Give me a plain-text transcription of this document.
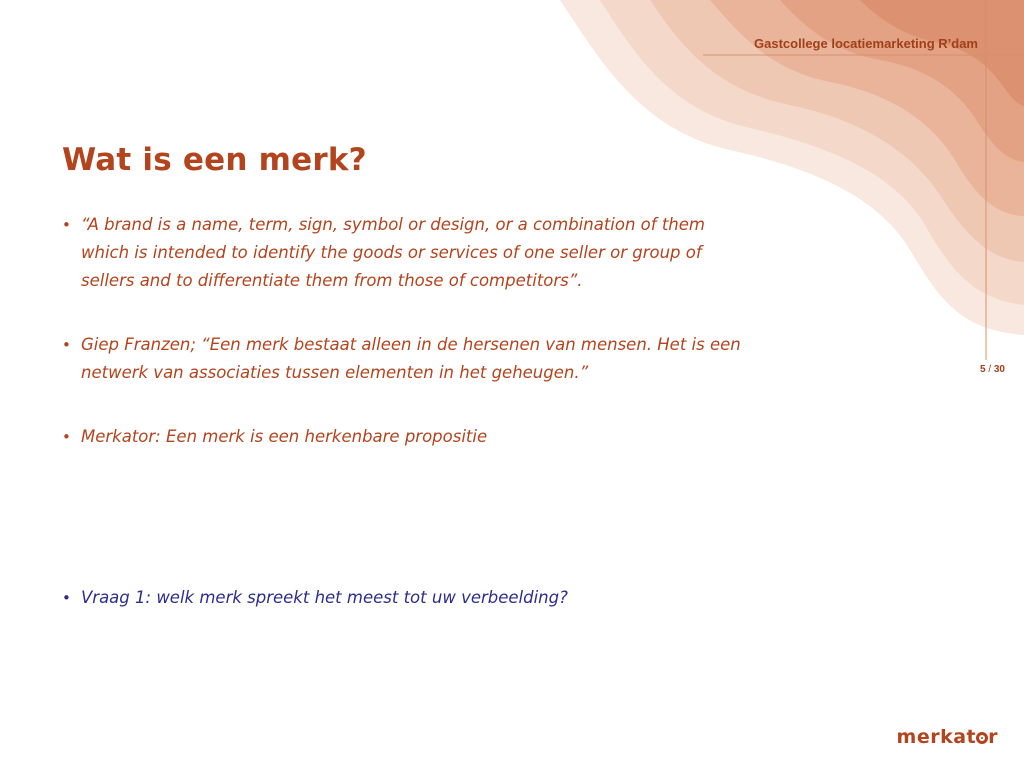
Gastcollege locatiemarketing R’dam
5 / 30
Wat is een merk?
• “A brand is a name, term, sign, symbol or design, or a combination of them
which is intended to identify the goods or services of one seller or group of
sellers and to differentiate them from those of competitors”.
• Giep Franzen; “Een merk bestaat alleen in de hersenen van mensen. Het is een
netwerk van associaties tussen elementen in het geheugen.”
• Merkator: Een merk is een herkenbare propositie
• Vraag 1: welk merk spreekt het meest tot uw verbeelding?
merkat r
